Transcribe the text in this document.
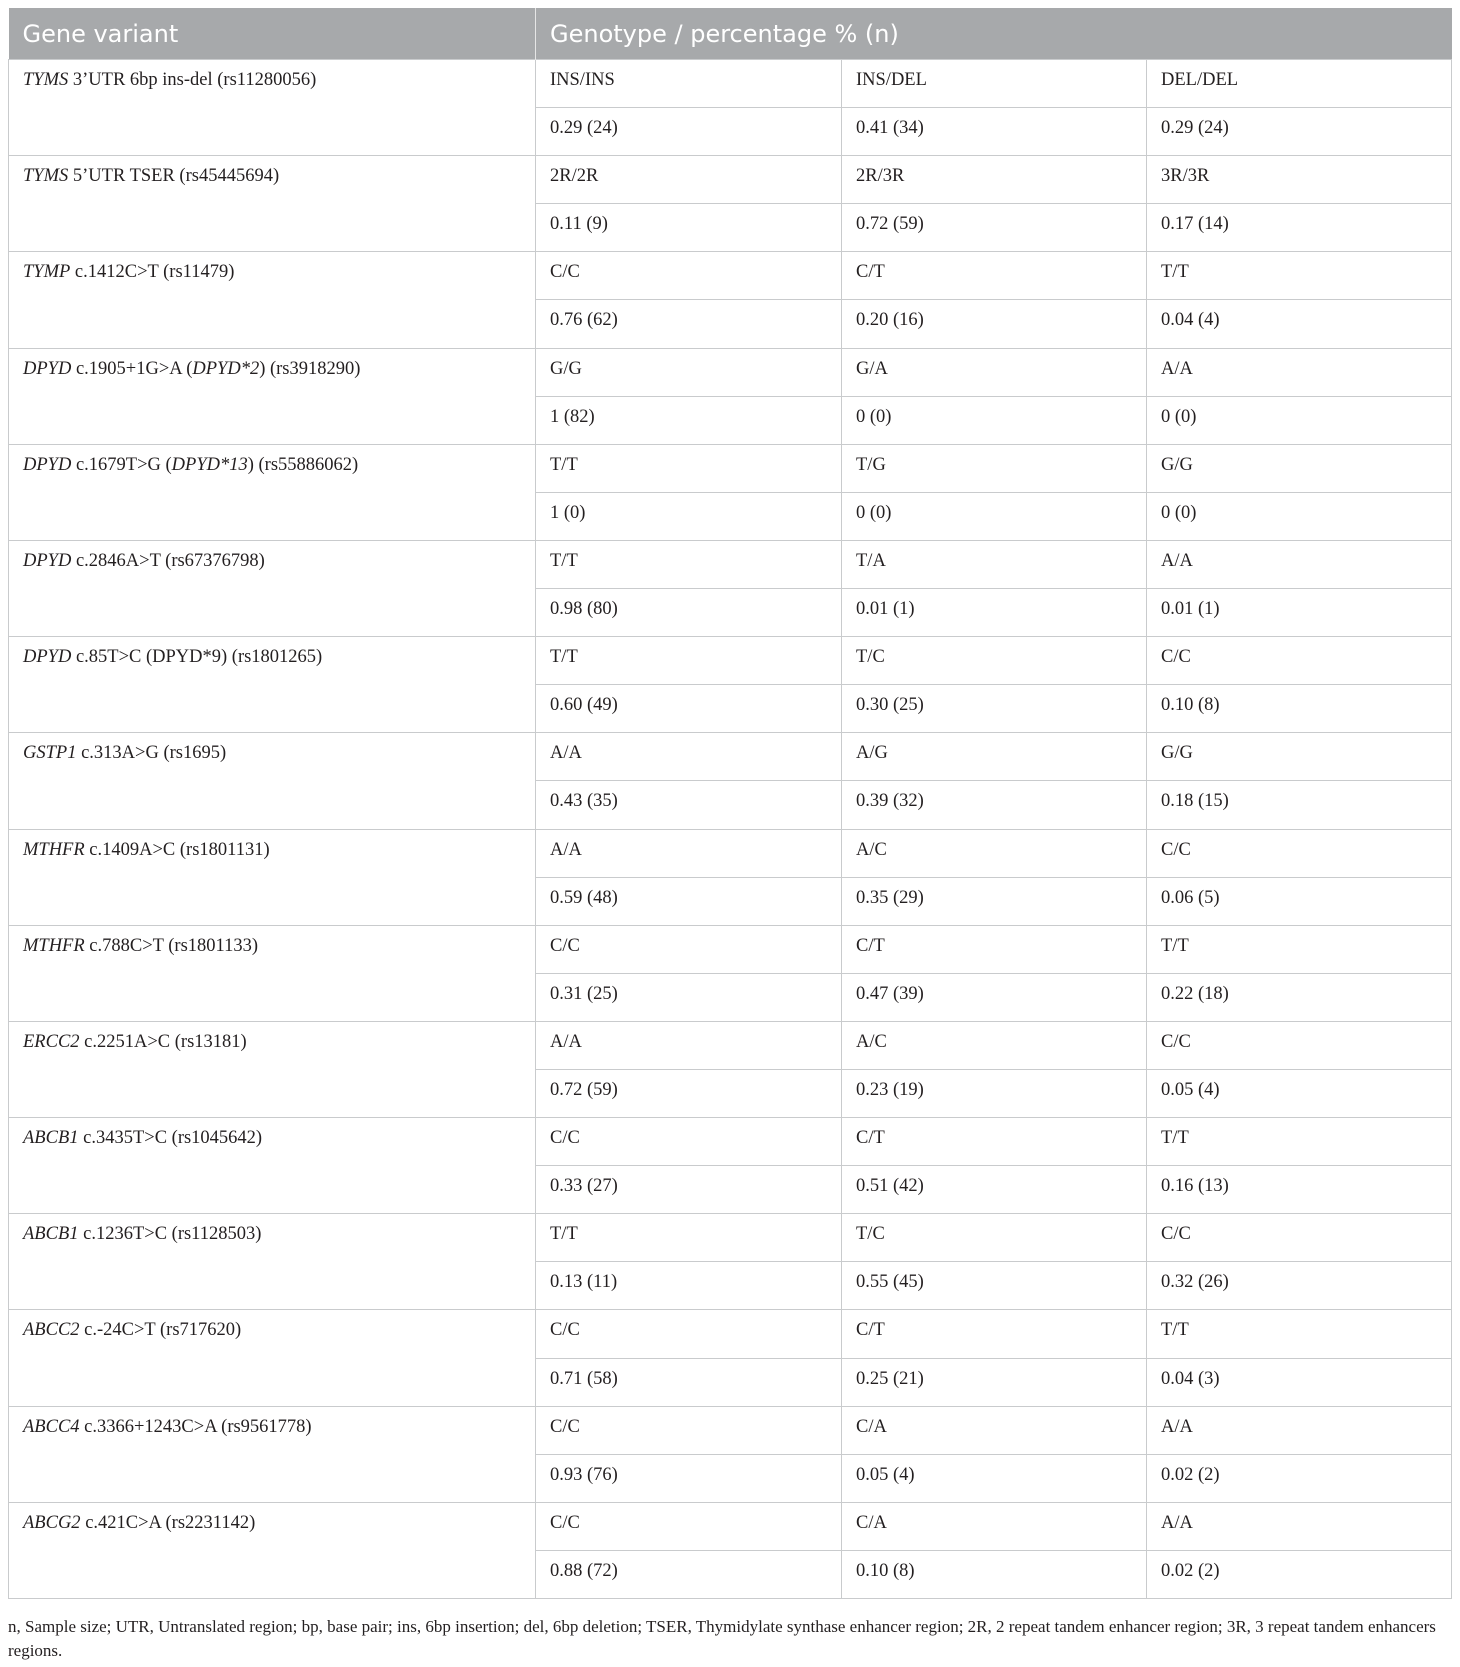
Gene variant	Genotype / percentage % (n)		
TYMS 3’UTR 6bp ins-del (rs11280056)	INS/INS	INS/DEL	DEL/DEL
	0.29 (24)	0.41 (34)	0.29 (24)
TYMS 5’UTR TSER (rs45445694)	2R/2R	2R/3R	3R/3R
	0.11 (9)	0.72 (59)	0.17 (14)
TYMP c.1412C>T (rs11479)	C/C	C/T	T/T
	0.76 (62)	0.20 (16)	0.04 (4)
DPYD c.1905+1G>A (DPYD*2) (rs3918290)	G/G	G/A	A/A
	1 (82)	0 (0)	0 (0)
DPYD c.1679T>G (DPYD*13) (rs55886062)	T/T	T/G	G/G
	1 (0)	0 (0)	0 (0)
DPYD c.2846A>T (rs67376798)	T/T	T/A	A/A
	0.98 (80)	0.01 (1)	0.01 (1)
DPYD c.85T>C (DPYD*9) (rs1801265)	T/T	T/C	C/C
	0.60 (49)	0.30 (25)	0.10 (8)
GSTP1 c.313A>G (rs1695)	A/A	A/G	G/G
	0.43 (35)	0.39 (32)	0.18 (15)
MTHFR c.1409A>C (rs1801131)	A/A	A/C	C/C
	0.59 (48)	0.35 (29)	0.06 (5)
MTHFR c.788C>T (rs1801133)	C/C	C/T	T/T
	0.31 (25)	0.47 (39)	0.22 (18)
ERCC2 c.2251A>C (rs13181)	A/A	A/C	C/C
	0.72 (59)	0.23 (19)	0.05 (4)
ABCB1 c.3435T>C (rs1045642)	C/C	C/T	T/T
	0.33 (27)	0.51 (42)	0.16 (13)
ABCB1 c.1236T>C (rs1128503)	T/T	T/C	C/C
	0.13 (11)	0.55 (45)	0.32 (26)
ABCC2 c.-24C>T (rs717620)	C/C	C/T	T/T
	0.71 (58)	0.25 (21)	0.04 (3)
ABCC4 c.3366+1243C>A (rs9561778)	C/C	C/A	A/A
	0.93 (76)	0.05 (4)	0.02 (2)
ABCG2 c.421C>A (rs2231142)	C/C	C/A	A/A
	0.88 (72)	0.10 (8)	0.02 (2)
n, Sample size; UTR, Untranslated region; bp, base pair; ins, 6bp insertion; del, 6bp deletion; TSER, Thymidylate synthase enhancer region; 2R, 2 repeat tandem enhancer region; 3R, 3 repeat tandem enhancers regions.
